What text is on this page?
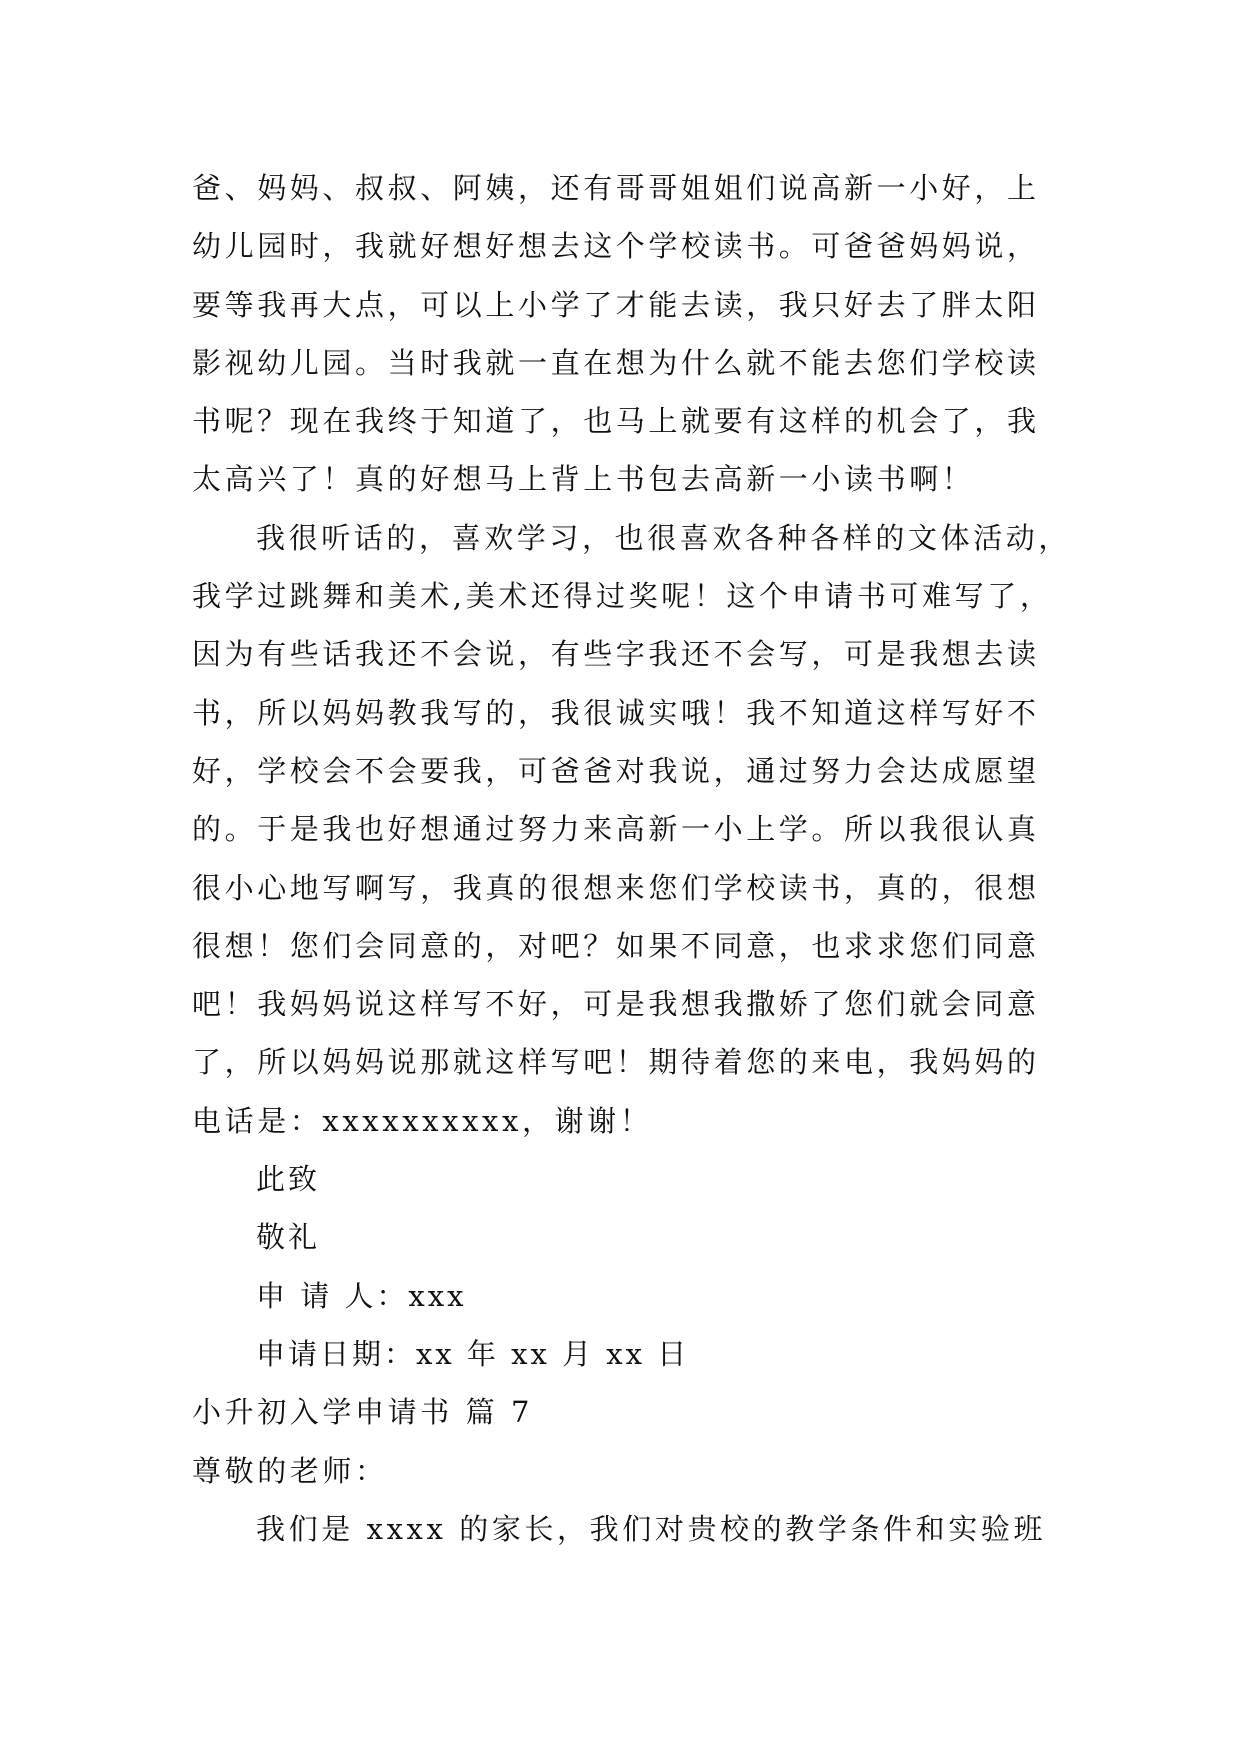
爸、妈妈、叔叔、阿姨，还有哥哥姐姐们说高新一小好，上
幼儿园时，我就好想好想去这个学校读书。可爸爸妈妈说，
要等我再大点，可以上小学了才能去读，我只好去了胖太阳
影视幼儿园。当时我就一直在想为什么就不能去您们学校读
书呢？现在我终于知道了，也马上就要有这样的机会了，我
太高兴了！真的好想马上背上书包去高新一小读书啊！
我很听话的，喜欢学习，也很喜欢各种各样的文体活动，
我学过跳舞和美术,美术还得过奖呢！这个申请书可难写了，
因为有些话我还不会说，有些字我还不会写，可是我想去读
书，所以妈妈教我写的，我很诚实哦！我不知道这样写好不
好，学校会不会要我，可爸爸对我说，通过努力会达成愿望
的。于是我也好想通过努力来高新一小上学。所以我很认真
很小心地写啊写，我真的很想来您们学校读书，真的，很想
很想！您们会同意的，对吧？如果不同意，也求求您们同意
吧！我妈妈说这样写不好，可是我想我撒娇了您们就会同意
了，所以妈妈说那就这样写吧！期待着您的来电，我妈妈的
电话是：xxxxxxxxxx，谢谢！
此致
敬礼
申 请 人：xxx
申请日期：xx 年 xx 月 xx 日
小升初入学申请书 篇 7
尊敬的老师：
我们是 xxxx 的家长，我们对贵校的教学条件和实验班
